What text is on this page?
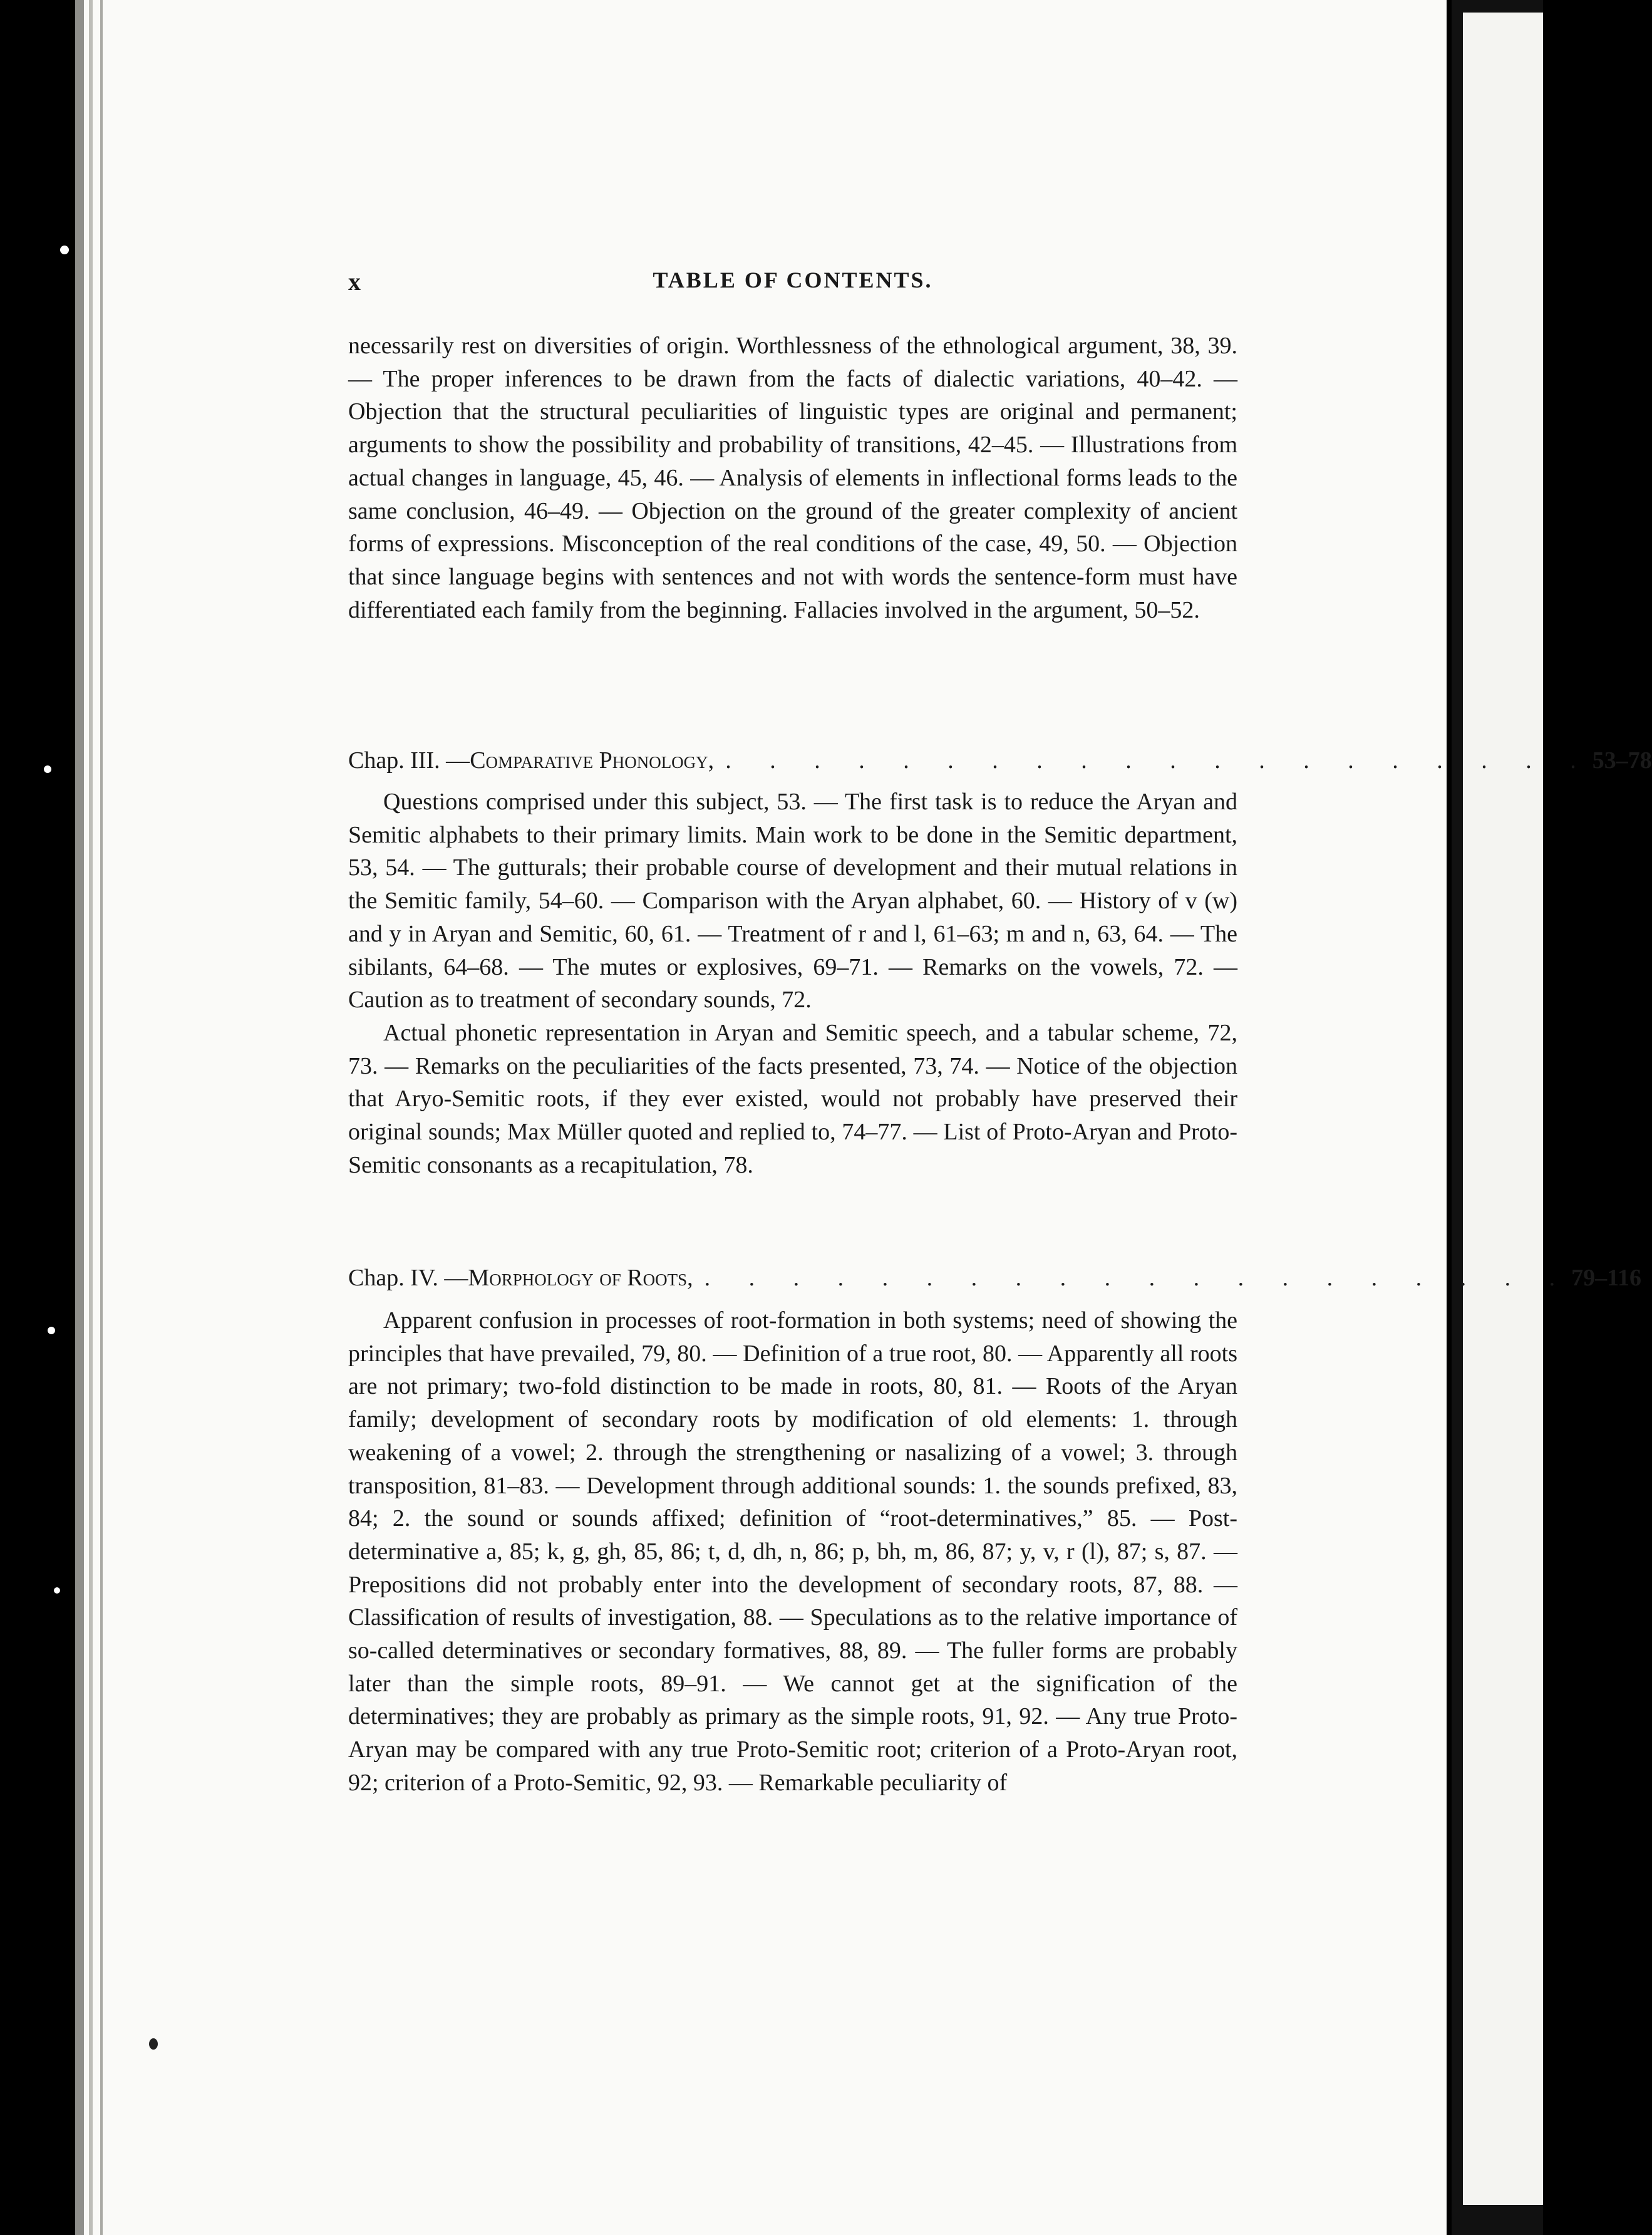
x	TABLE OF CONTENTS.

necessarily rest on diversities of origin. Worthlessness of the ethnological argument, 38, 39. — The proper inferences to be drawn from the facts of dialectic variations, 40–42. — Objection that the structural peculiarities of linguistic types are original and permanent; arguments to show the possibility and probability of transitions, 42–45. — Illustrations from actual changes in language, 45, 46. — Analysis of elements in inflectional forms leads to the same conclusion, 46–49. — Objection on the ground of the greater complexity of ancient forms of expressions. Misconception of the real conditions of the case, 49, 50. — Objection that since language begins with sentences and not with words the sentence-form must have differentiated each family from the beginning. Fallacies involved in the argument, 50–52.

Chap. III. — Comparative Phonology, . . . . . . . . . . . . . . . . . . . . 53–78

Questions comprised under this subject, 53. — The first task is to reduce the Aryan and Semitic alphabets to their primary limits. Main work to be done in the Semitic department, 53, 54. — The gutturals; their probable course of development and their mutual relations in the Semitic family, 54–60. — Comparison with the Aryan alphabet, 60. — History of v (w) and y in Aryan and Semitic, 60, 61. — Treatment of r and l, 61–63; m and n, 63, 64. — The sibilants, 64–68. — The mutes or explosives, 69–71. — Remarks on the vowels, 72. — Caution as to treatment of secondary sounds, 72.

Actual phonetic representation in Aryan and Semitic speech, and a tabular scheme, 72, 73. — Remarks on the peculiarities of the facts presented, 73, 74. — Notice of the objection that Aryo-Semitic roots, if they ever existed, would not probably have preserved their original sounds; Max Müller quoted and replied to, 74–77. — List of Proto-Aryan and Proto-Semitic consonants as a recapitulation, 78.

Chap. IV. — Morphology of Roots, . . . . . . . . . . . . . . . . . . . . 79–116

Apparent confusion in processes of root-formation in both systems; need of showing the principles that have prevailed, 79, 80. — Definition of a true root, 80. — Apparently all roots are not primary; two-fold distinction to be made in roots, 80, 81. — Roots of the Aryan family; development of secondary roots by modification of old elements: 1. through weakening of a vowel; 2. through the strengthening or nasalizing of a vowel; 3. through transposition, 81–83. — Development through additional sounds: 1. the sounds prefixed, 83, 84; 2. the sound or sounds affixed; definition of “root-determinatives,” 85. — Post-determinative a, 85; k, g, gh, 85, 86; t, d, dh, n, 86; p, bh, m, 86, 87; y, v, r (l), 87; s, 87. — Prepositions did not probably enter into the development of secondary roots, 87, 88. — Classification of results of investigation, 88. — Speculations as to the relative importance of so-called determinatives or secondary formatives, 88, 89. — The fuller forms are probably later than the simple roots, 89–91. — We cannot get at the signification of the determinatives; they are probably as primary as the simple roots, 91, 92. — Any true Proto-Aryan may be compared with any true Proto-Semitic root; criterion of a Proto-Aryan root, 92; criterion of a Proto-Semitic, 92, 93. — Remarkable peculiarity of
